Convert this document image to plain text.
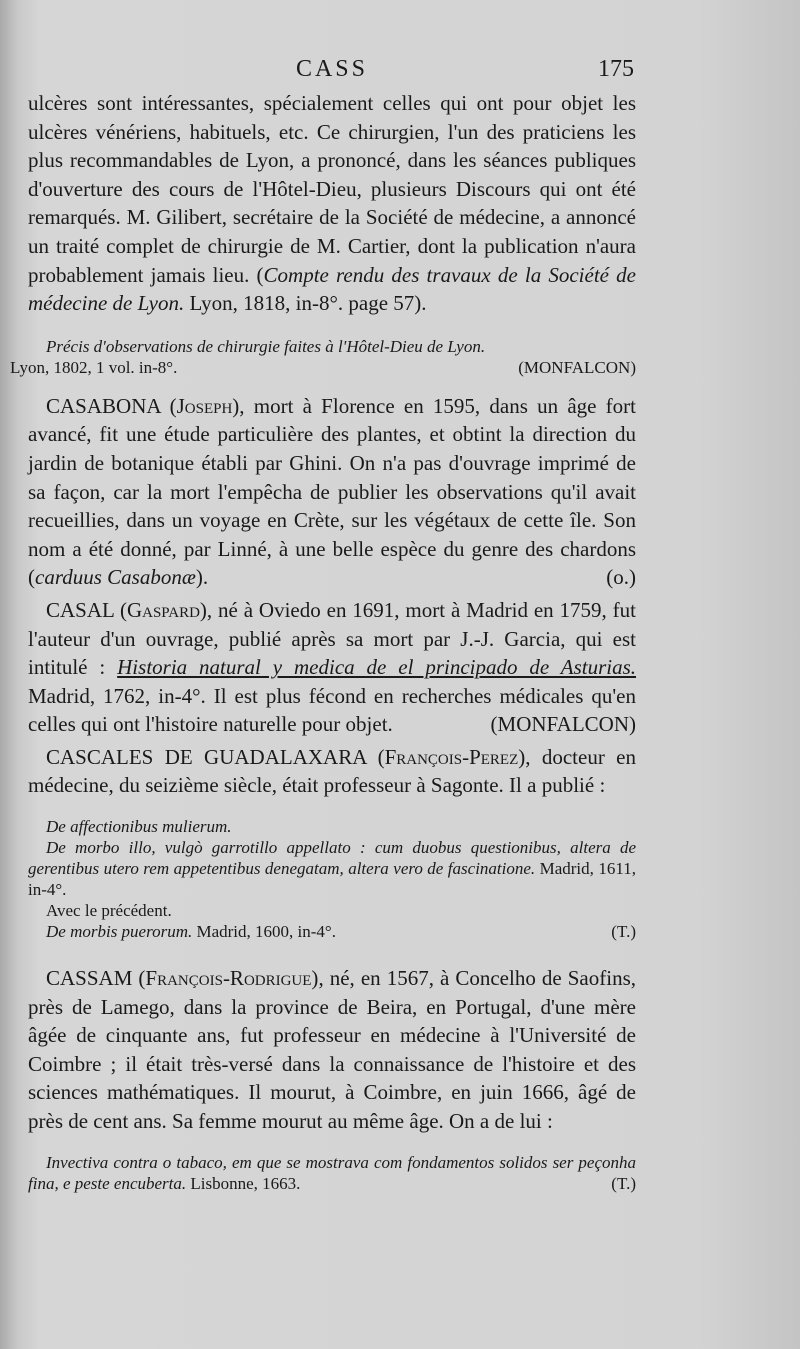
CASS	175

ulcères sont intéressantes, spécialement celles qui ont pour objet les ulcères vénériens, habituels, etc. Ce chirurgien, l'un des praticiens les plus recommandables de Lyon, a prononcé, dans les séances publiques d'ouverture des cours de l'Hôtel-Dieu, plusieurs Discours qui ont été remarqués. M. Gilibert, secrétaire de la Société de médecine, a annoncé un traité complet de chirurgie de M. Cartier, dont la publication n'aura probablement jamais lieu. (Compte rendu des travaux de la Société de médecine de Lyon. Lyon, 1818, in-8°. page 57).

Précis d'observations de chirurgie faites à l'Hôtel-Dieu de Lyon.
Lyon, 1802, 1 vol. in-8°.	(MONFALCON)

CASABONA (Joseph), mort à Florence en 1595, dans un âge fort avancé, fit une étude particulière des plantes, et obtint la direction du jardin de botanique établi par Ghini. On n'a pas d'ouvrage imprimé de sa façon, car la mort l'empêcha de publier les observations qu'il avait recueillies, dans un voyage en Crète, sur les végétaux de cette île. Son nom a été donné, par Linné, à une belle espèce du genre des chardons (carduus Casabonæ).	(o.)

CASAL (Gaspard), né à Oviedo en 1691, mort à Madrid en 1759, fut l'auteur d'un ouvrage, publié après sa mort par J.-J. Garcia, qui est intitulé : Historia natural y medica de el principado de Asturias. Madrid, 1762, in-4°. Il est plus fécond en recherches médicales qu'en celles qui ont l'histoire naturelle pour objet.	(MONFALCON)

CASCALES DE GUADALAXARA (François-Perez), docteur en médecine, du seizième siècle, était professeur à Sagonte. Il a publié :

De affectionibus mulierum.

De morbo illo, vulgò garrotillo appellato : cum duobus questionibus, altera de gerentibus utero rem appetentibus denegatam, altera vero de fascinatione. Madrid, 1611, in-4°.

Avec le précédent.

De morbis puerorum. Madrid, 1600, in-4°.	(T.)

CASSAM (François-Rodrigue), né, en 1567, à Concelho de Saofins, près de Lamego, dans la province de Beira, en Portugal, d'une mère âgée de cinquante ans, fut professeur en médecine à l'Université de Coimbre ; il était très-versé dans la connaissance de l'histoire et des sciences mathématiques. Il mourut, à Coimbre, en juin 1666, âgé de près de cent ans. Sa femme mourut au même âge. On a de lui :

Invectiva contra o tabaco, em que se mostrava com fondamentos solidos ser peçonha fina, e peste encuberta. Lisbonne, 1663.	(T.)
